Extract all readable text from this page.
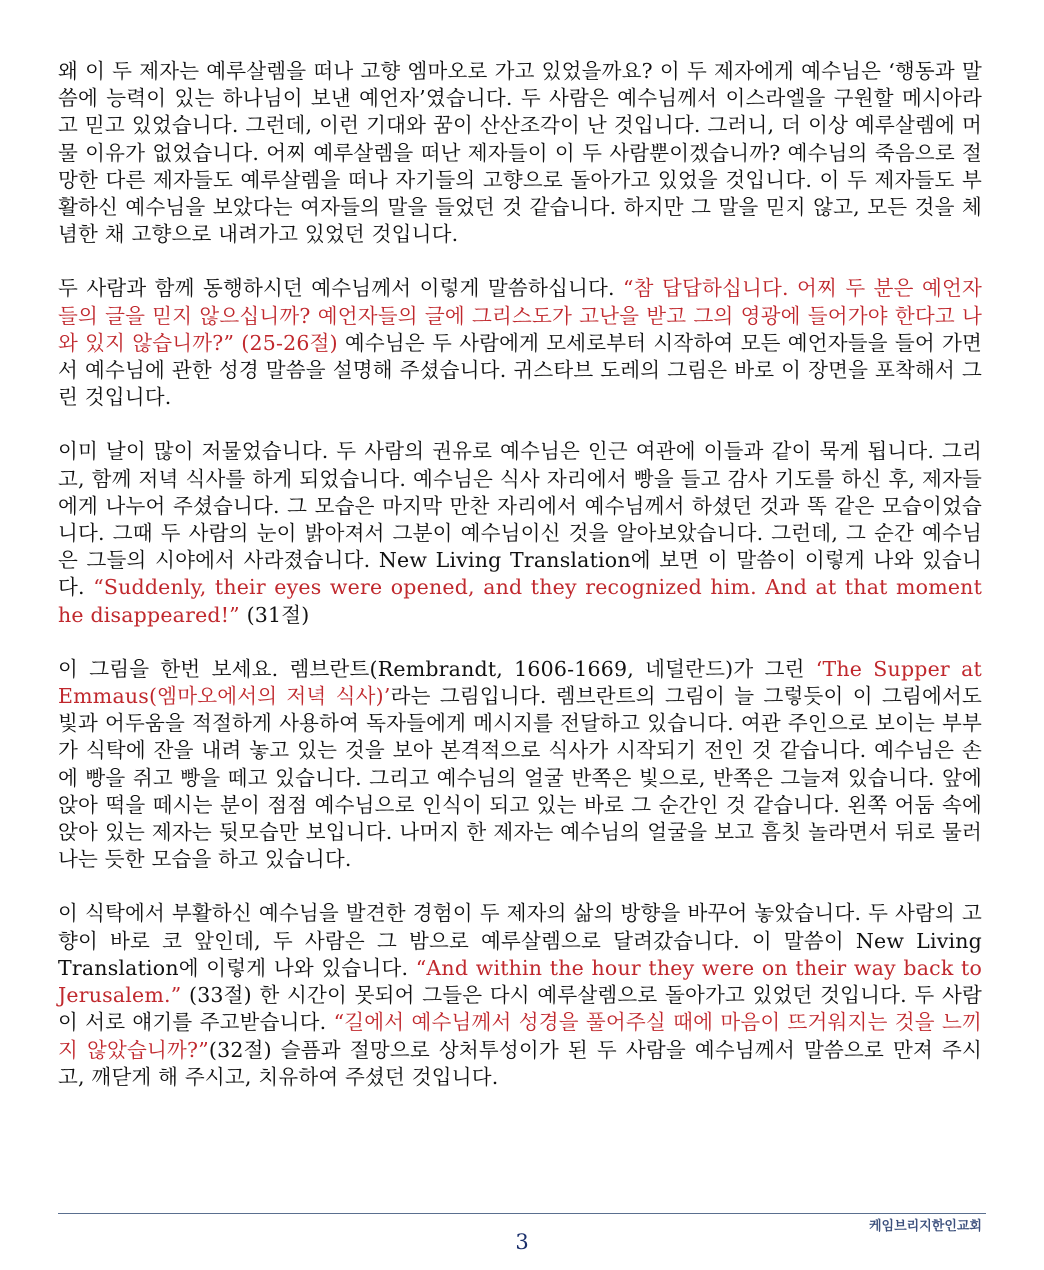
왜 이 두 제자는 예루살렘을 떠나 고향 엠마오로 가고 있었을까요? 이 두 제자에게 예수님은 ‘행동과 말씀에 능력이 있는 하나님이 보낸 예언자’였습니다. 두 사람은 예수님께서 이스라엘을 구원할 메시아라고 믿고 있었습니다. 그런데, 이런 기대와 꿈이 산산조각이 난 것입니다. 그러니, 더 이상 예루살렘에 머물 이유가 없었습니다. 어찌 예루살렘을 떠난 제자들이 이 두 사람뿐이겠습니까? 예수님의 죽음으로 절망한 다른 제자들도 예루살렘을 떠나 자기들의 고향으로 돌아가고 있었을 것입니다. 이 두 제자들도 부활하신 예수님을 보았다는 여자들의 말을 들었던 것 같습니다. 하지만 그 말을 믿지 않고, 모든 것을 체념한 채 고향으로 내려가고 있었던 것입니다.

두 사람과 함께 동행하시던 예수님께서 이렇게 말씀하십니다. “참 답답하십니다. 어찌 두 분은 예언자들의 글을 믿지 않으십니까? 예언자들의 글에 그리스도가 고난을 받고 그의 영광에 들어가야 한다고 나와 있지 않습니까?” (25-26절) 예수님은 두 사람에게 모세로부터 시작하여 모든 예언자들을 들어 가면서 예수님에 관한 성경 말씀을 설명해 주셨습니다. 귀스타브 도레의 그림은 바로 이 장면을 포착해서 그린 것입니다.

이미 날이 많이 저물었습니다. 두 사람의 권유로 예수님은 인근 여관에 이들과 같이 묵게 됩니다. 그리고, 함께 저녁 식사를 하게 되었습니다. 예수님은 식사 자리에서 빵을 들고 감사 기도를 하신 후, 제자들에게 나누어 주셨습니다. 그 모습은 마지막 만찬 자리에서 예수님께서 하셨던 것과 똑 같은 모습이었습니다. 그때 두 사람의 눈이 밝아져서 그분이 예수님이신 것을 알아보았습니다. 그런데, 그 순간 예수님은 그들의 시야에서 사라졌습니다. New Living Translation에 보면 이 말씀이 이렇게 나와 있습니다. “Suddenly, their eyes were opened, and they recognized him. And at that moment he disappeared!” (31절)

이 그림을 한번 보세요. 렘브란트(Rembrandt, 1606-1669, 네덜란드)가 그린 ‘The Supper at Emmaus(엠마오에서의 저녁 식사)’라는 그림입니다. 렘브란트의 그림이 늘 그렇듯이 이 그림에서도 빛과 어두움을 적절하게 사용하여 독자들에게 메시지를 전달하고 있습니다. 여관 주인으로 보이는 부부가 식탁에 잔을 내려 놓고 있는 것을 보아 본격적으로 식사가 시작되기 전인 것 같습니다. 예수님은 손에 빵을 쥐고 빵을 떼고 있습니다. 그리고 예수님의 얼굴 반쪽은 빛으로, 반쪽은 그늘져 있습니다. 앞에 앉아 떡을 떼시는 분이 점점 예수님으로 인식이 되고 있는 바로 그 순간인 것 같습니다. 왼쪽 어둠 속에 앉아 있는 제자는 뒷모습만 보입니다. 나머지 한 제자는 예수님의 얼굴을 보고 흠칫 놀라면서 뒤로 물러나는 듯한 모습을 하고 있습니다.

이 식탁에서 부활하신 예수님을 발견한 경험이 두 제자의 삶의 방향을 바꾸어 놓았습니다. 두 사람의 고향이 바로 코 앞인데, 두 사람은 그 밤으로 예루살렘으로 달려갔습니다. 이 말씀이 New Living Translation에 이렇게 나와 있습니다. “And within the hour they were on their way back to Jerusalem.” (33절) 한 시간이 못되어 그들은 다시 예루살렘으로 돌아가고 있었던 것입니다. 두 사람이 서로 얘기를 주고받습니다. “길에서 예수님께서 성경을 풀어주실 때에 마음이 뜨거워지는 것을 느끼지 않았습니까?”(32절) 슬픔과 절망으로 상처투성이가 된 두 사람을 예수님께서 말씀으로 만져 주시고, 깨닫게 해 주시고, 치유하여 주셨던 것입니다.

케임브리지한인교회
3
